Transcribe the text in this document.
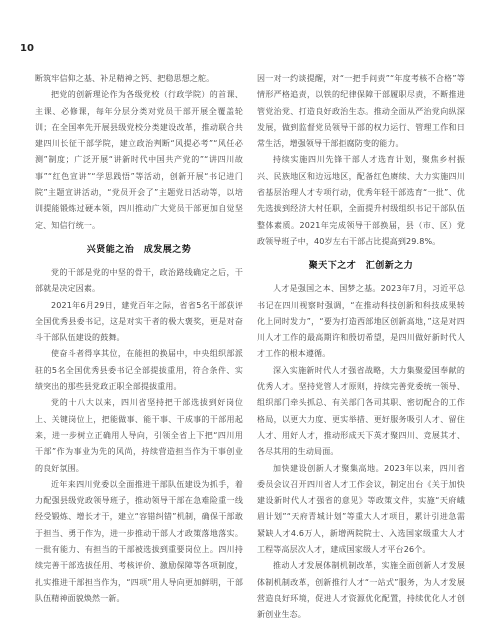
10

断筑牢信仰之基、补足精神之钙、把稳思想之舵。

把党的创新理论作为各级党校（行政学院）的首课、主课、必修课，每年分层分类对党员干部开展全覆盖轮训；在全国率先开展县级党校分类建设改革，推动联合共建四川长征干部学院，建立政治判断“风提必考”“风任必测”制度；广泛开展“讲新时代中国共产党的”“讲四川故事”“红色宣讲”“学思践悟”等活动，创新开展“书记进门院”主题宣讲活动，“党员开会了”主题党日活动等，以培训提能锻炼过硬本领，四川推动广大党员干部更加自觉坚定、知信行统一。

兴贤能之治　成发展之势

党的干部是党的中坚的骨干，政治路线确定之后，干部就是决定因素。

2021年6月29日，建党百年之际，省省5名干部获评全国优秀县委书记，这是对实干者的极大褒奖，更是对奋斗干部队伍建设的鼓舞。

使奋斗者得享其位，在能担的换届中，中央组织部派驻的5名全国优秀县委书记全部提拔重用，符合条件、实绩突出的那些县党政正职全部提拔重用。

党的十八大以来，四川省坚持把干部选拔到好岗位上、关键岗位上，把能做事、能干事、干成事的干部用起来，进一步树立正确用人导向，引领全省上下把“四川用干部”作为事业为先的风尚，持续营造担当作为干事创业的良好氛围。

近年来四川党委以全面推进干部队伍建设为抓手，着力配强县级党政领导班子，推动领导干部在急难险重一线经受锻炼、增长才干，建立“容错纠错”机制，确保干部敢于担当、勇于作为，进一步推动干部人才政策落地落实。一批有能力、有担当的干部被选拔到重要岗位上。四川持续完善干部选拔任用、考核评价、激励保障等各项制度，扎实推进干部担当作为，“四项”用人导向更加鲜明，干部队伍精神面貌焕然一新。

因一对一约谈提醒，对“一把手问责”“年度考核不合格”等情形严格追责，以铁的纪律保障干部履职尽责，不断推进管党治党、打造良好政治生态。推动全面从严治党向纵深发展，做到监督党员领导干部的权力运行、管理工作和日常生活，增强领导干部拒腐防变的能力。

持续实施四川先锋干部人才选育计划，聚焦乡村振兴、民族地区和边远地区，配备红色赓续、大力实施四川省基层治理人才专项行动，优秀年轻干部选育“一批”、优先选拔到经济大村任职，全面提升村级组织书记干部队伍整体素质。2021年完成领导干部换届，县（市、区）党政领导班子中，40岁左右干部占比提高到29.8%。

聚天下之才　汇创新之力

人才是强国之本、国梦之基。2023年7月，习近平总书记在四川视察时强调，“在推动科技创新和科技成果转化上同时发力”，“要为打造西部地区创新高地，”这是对四川人才工作的最高期许和殷切希望，是四川做好新时代人才工作的根本遵循。

深入实施新时代人才强省战略，大力集聚爱国奉献的优秀人才。坚持党管人才原则，持续完善党委统一领导、组织部门牵头抓总、有关部门各司其职、密切配合的工作格局，以更大力度、更实举措、更好服务吸引人才、留住人才、用好人才，推动形成天下英才聚四川、竞展其才、各尽其用的生动局面。

加快建设创新人才聚集高地。2023年以来，四川省委员会议召开四川省人才工作会议，制定出台《关于加快建设新时代人才强省的意见》等政策文件，实施“天府峨眉计划”“天府青城计划”等重大人才项目，累计引进急需紧缺人才4.6万人，新增两院院士、入选国家级重大人才工程等高层次人才，建成国家级人才平台26个。

推动人才发展体制机制改革，实施全面创新人才发展体制机制改革，创新推行人才“一站式”服务，为人才发展营造良好环境，促进人才资源优化配置，持续优化人才创新创业生态。
